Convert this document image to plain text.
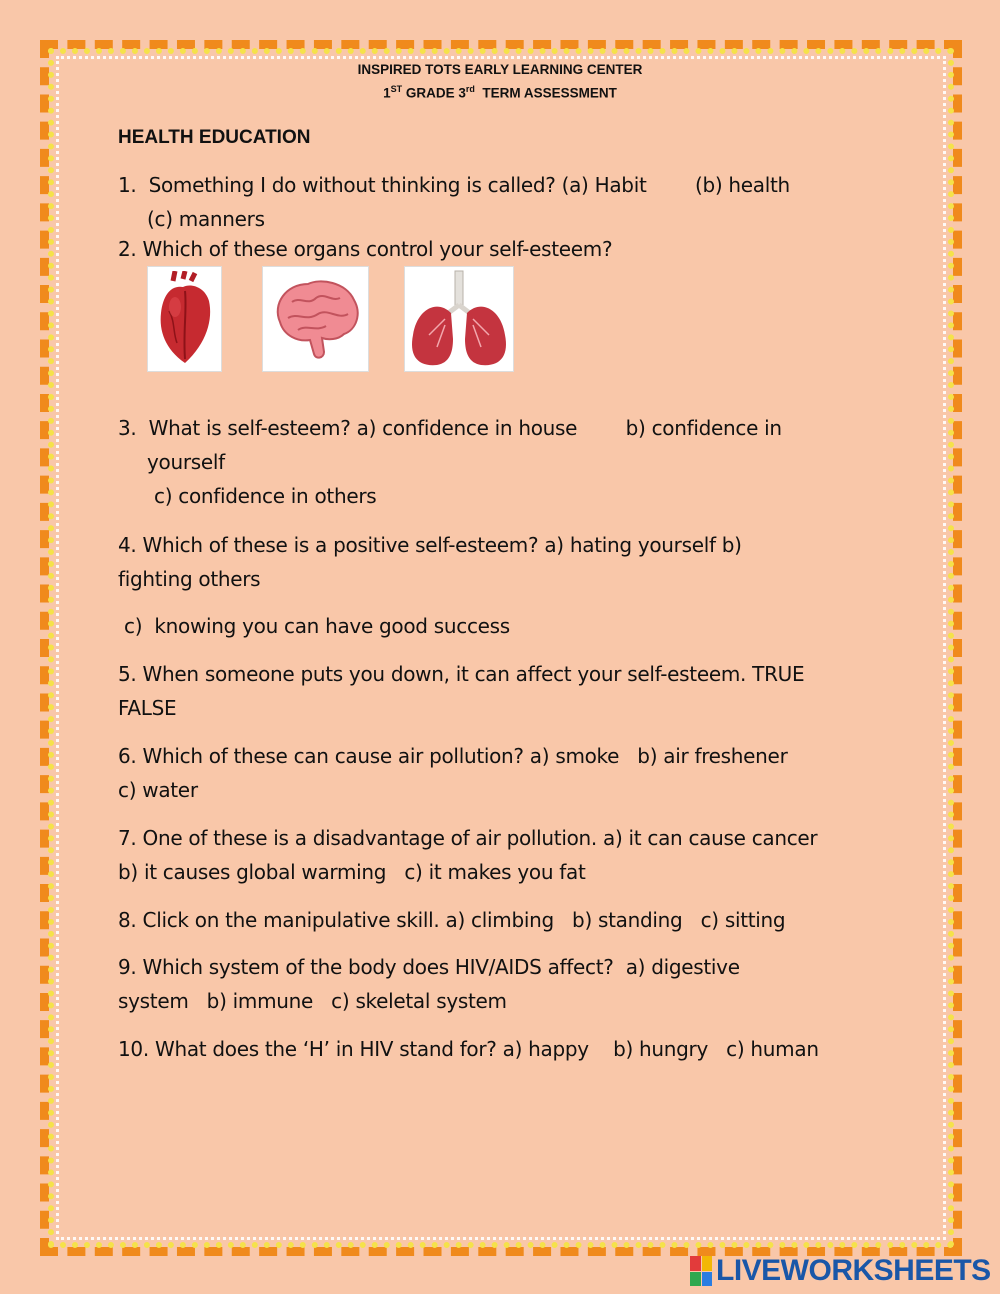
INSPIRED TOTS EARLY LEARNING CENTER
1ST GRADE 3rd  TERM ASSESSMENT
HEALTH EDUCATION
1.  Something I do without thinking is called? (a) Habit        (b) health
(c) manners
2. Which of these organs control your self-esteem?
3.  What is self-esteem? a) confidence in house        b) confidence in
yourself
c) confidence in others
4. Which of these is a positive self-esteem? a) hating yourself b)
fighting others
c)  knowing you can have good success
5. When someone puts you down, it can affect your self-esteem. TRUE
FALSE
6. Which of these can cause air pollution? a) smoke   b) air freshener
c) water
7. One of these is a disadvantage of air pollution. a) it can cause cancer
b) it causes global warming   c) it makes you fat
8. Click on the manipulative skill. a) climbing   b) standing   c) sitting
9. Which system of the body does HIV/AIDS affect?  a) digestive
system   b) immune   c) skeletal system
10. What does the ‘H’ in HIV stand for? a) happy    b) hungry   c) human
LIVEWORKSHEETS
